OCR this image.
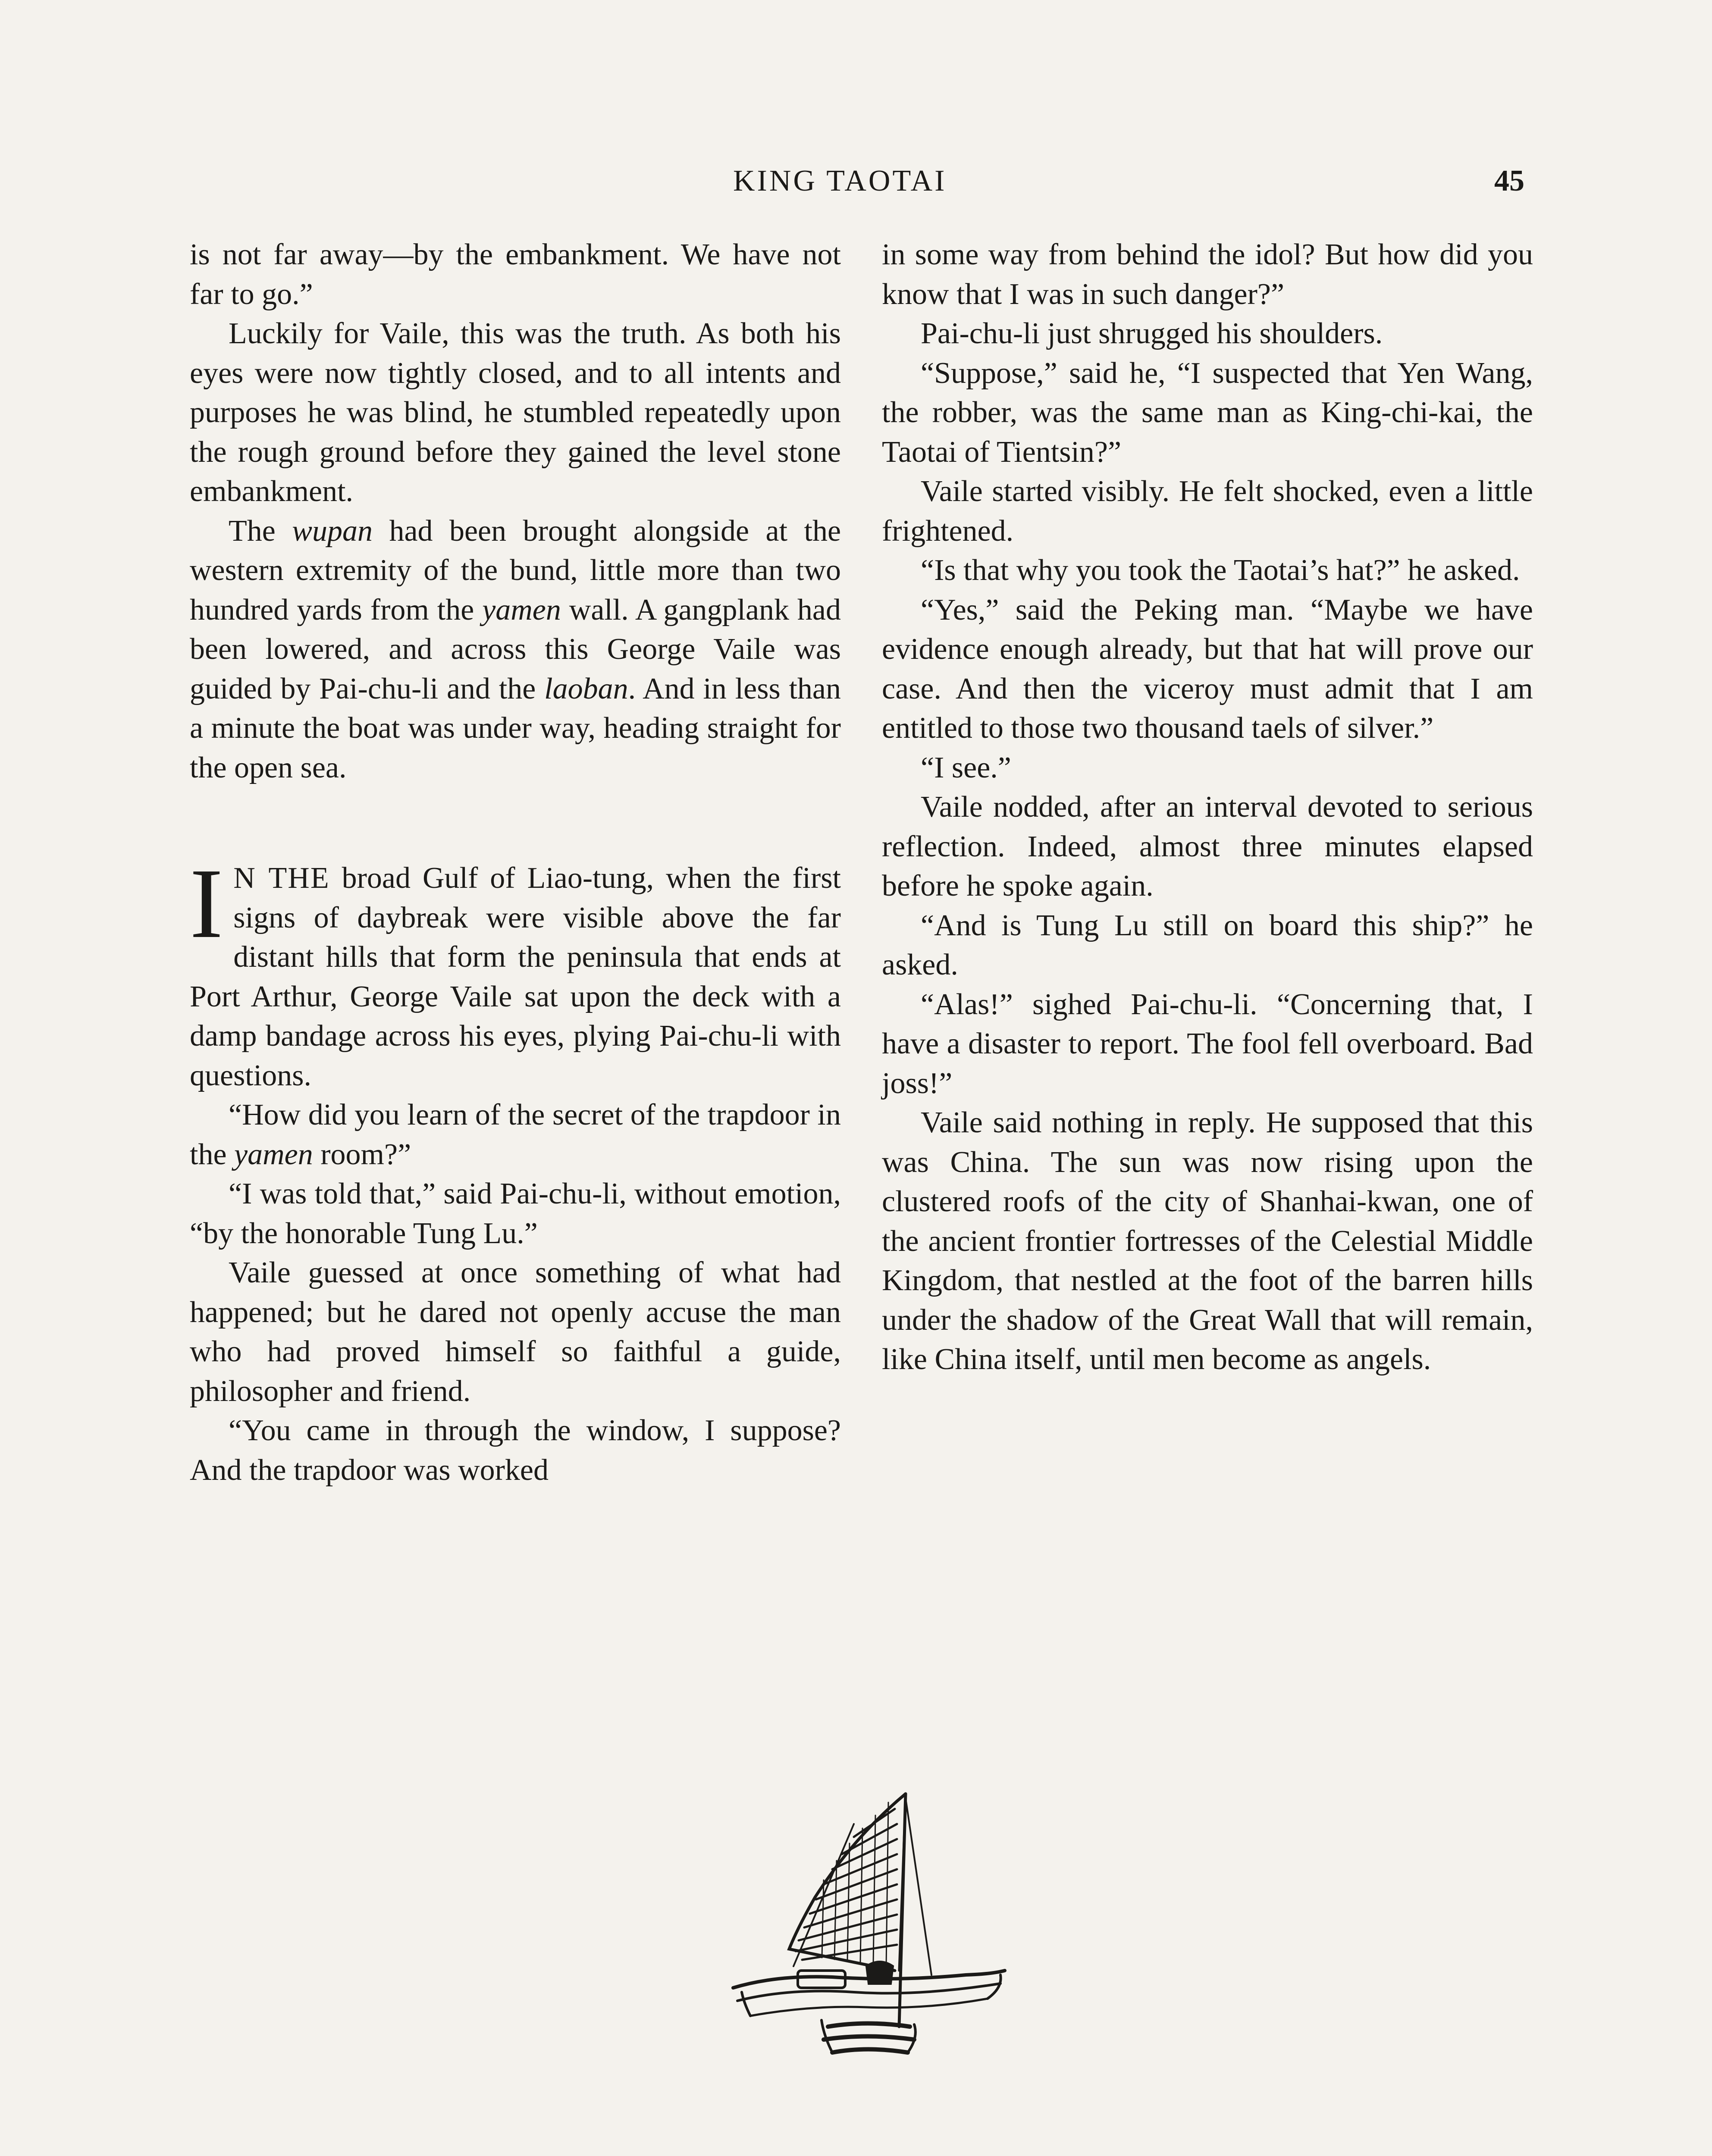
KING TAOTAI	45

is not far away—by the embankment. We have not far to go.”

Luckily for Vaile, this was the truth. As both his eyes were now tightly closed, and to all intents and purposes he was blind, he stumbled repeatedly upon the rough ground before they gained the level stone embankment.

The wupan had been brought alongside at the western extremity of the bund, little more than two hundred yards from the yamen wall. A gangplank had been lowered, and across this George Vaile was guided by Pai-chu-li and the laoban. And in less than a minute the boat was under way, heading straight for the open sea.

I N THE broad Gulf of Liao-tung, when the first signs of daybreak were visible above the far distant hills that form the peninsula that ends at Port Arthur, George Vaile sat upon the deck with a damp bandage across his eyes, plying Pai-chu-li with questions.

“How did you learn of the secret of the trapdoor in the yamen room?”

“I was told that,” said Pai-chu-li, without emotion, “by the honorable Tung Lu.”

Vaile guessed at once something of what had happened; but he dared not openly accuse the man who had proved himself so faithful a guide, philosopher and friend.

“You came in through the window, I suppose? And the trapdoor was worked

in some way from behind the idol? But how did you know that I was in such danger?”

Pai-chu-li just shrugged his shoulders.

“Suppose,” said he, “I suspected that Yen Wang, the robber, was the same man as King-chi-kai, the Taotai of Tientsin?”

Vaile started visibly. He felt shocked, even a little frightened.

“Is that why you took the Taotai’s hat?” he asked.

“Yes,” said the Peking man. “Maybe we have evidence enough already, but that hat will prove our case. And then the viceroy must admit that I am entitled to those two thousand taels of silver.”

“I see.”

Vaile nodded, after an interval devoted to serious reflection. Indeed, almost three minutes elapsed before he spoke again.

“And is Tung Lu still on board this ship?” he asked.

“Alas!” sighed Pai-chu-li. “Concerning that, I have a disaster to report. The fool fell overboard. Bad joss!”

Vaile said nothing in reply. He supposed that this was China. The sun was now rising upon the clustered roofs of the city of Shanhai-kwan, one of the ancient frontier fortresses of the Celestial Middle Kingdom, that nestled at the foot of the barren hills under the shadow of the Great Wall that will remain, like China itself, until men become as angels.
